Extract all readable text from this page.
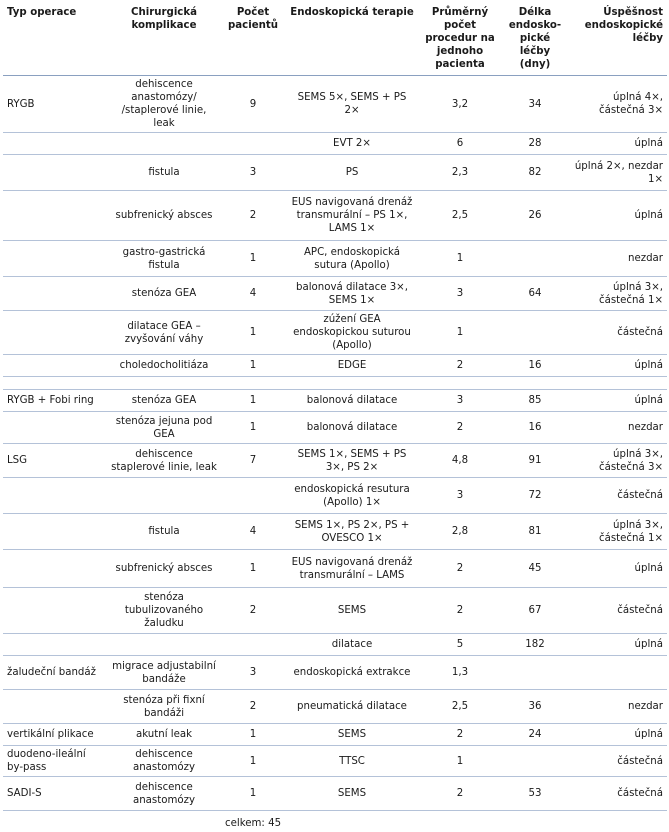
Typ operace	Chirurgická komplikace	Počet pacientů	Endoskopická terapie	Průměrný počet procedur na jednoho pacienta	Délka endosko-pické léčby (dny)	Úspěšnost endoskopické léčby
RYGB	dehiscence anastomózy/ /staplerové linie, leak	9	SEMS 5×, SEMS + PS 2×	3,2	34	úplná 4×, částečná 3×
			EVT 2×	6	28	úplná
	fistula	3	PS	2,3	82	úplná 2×, nezdar 1×
	subfrenický absces	2	EUS navigovaná drenáž transmurální – PS 1×, LAMS 1×	2,5	26	úplná
	gastro-gastrická fistula	1	APC, endoskopická sutura (Apollo)	1		nezdar
	stenóza GEA	4	balonová dilatace 3×, SEMS 1×	3	64	úplná 3×, částečná 1×
	dilatace GEA – zvyšování váhy	1	zúžení GEA endoskopickou suturou (Apollo)	1		částečná
	choledocholitiáza	1	EDGE	2	16	úplná

RYGB + Fobi ring	stenóza GEA	1	balonová dilatace	3	85	úplná
	stenóza jejuna pod GEA	1	balonová dilatace	2	16	nezdar
LSG	dehiscence staplerové linie, leak	7	SEMS 1×, SEMS + PS 3×, PS 2×	4,8	91	úplná 3×, částečná 3×
			endoskopická resutura (Apollo) 1×	3	72	částečná
	fistula	4	SEMS 1×, PS 2×, PS + OVESCO 1×	2,8	81	úplná 3×, částečná 1×
	subfrenický absces	1	EUS navigovaná drenáž transmurální – LAMS	2	45	úplná
	stenóza tubulizovaného žaludku	2	SEMS	2	67	částečná
			dilatace	5	182	úplná
žaludeční bandáž	migrace adjustabilní bandáže	3	endoskopická extrakce	1,3		
	stenóza při fixní bandáži	2	pneumatická dilatace	2,5	36	nezdar
vertikální plikace	akutní leak	1	SEMS	2	24	úplná
duodeno-ileální by-pass	dehiscence anastomózy	1	TTSC	1		částečná
SADI-S	dehiscence anastomózy	1	SEMS	2	53	částečná
		celkem: 45				
